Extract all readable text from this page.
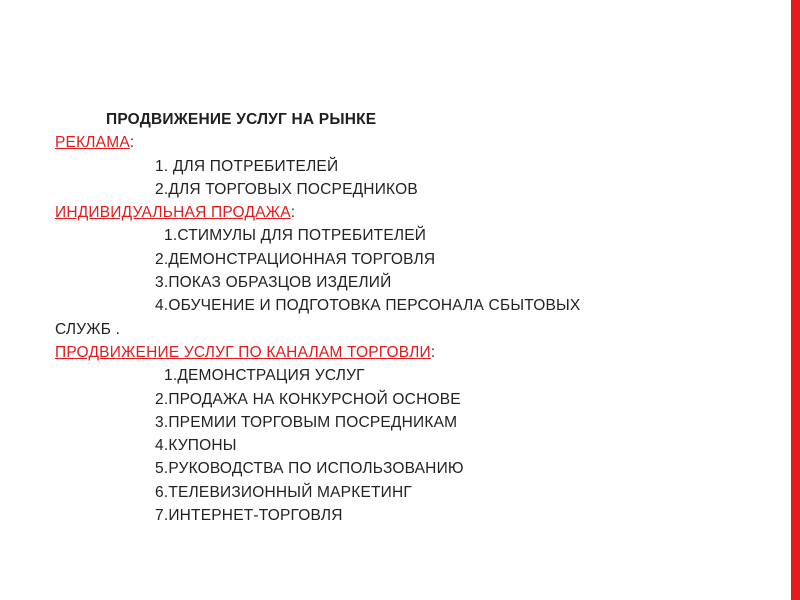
ПРОДВИЖЕНИЕ УСЛУГ НА РЫНКЕ
РЕКЛАМА:
1. ДЛЯ ПОТРЕБИТЕЛЕЙ
2.ДЛЯ ТОРГОВЫХ ПОСРЕДНИКОВ
ИНДИВИДУАЛЬНАЯ ПРОДАЖА:
1.СТИМУЛЫ ДЛЯ ПОТРЕБИТЕЛЕЙ
2.ДЕМОНСТРАЦИОННАЯ ТОРГОВЛЯ
3.ПОКАЗ ОБРАЗЦОВ ИЗДЕЛИЙ
4.ОБУЧЕНИЕ И ПОДГОТОВКА ПЕРСОНАЛА СБЫТОВЫХ
СЛУЖБ .
ПРОДВИЖЕНИЕ УСЛУГ ПО КАНАЛАМ ТОРГОВЛИ:
1.ДЕМОНСТРАЦИЯ УСЛУГ
2.ПРОДАЖА НА КОНКУРСНОЙ ОСНОВЕ
3.ПРЕМИИ ТОРГОВЫМ ПОСРЕДНИКАМ
4.КУПОНЫ
5.РУКОВОДСТВА ПО ИСПОЛЬЗОВАНИЮ
6.ТЕЛЕВИЗИОННЫЙ МАРКЕТИНГ
7.ИНТЕРНЕТ-ТОРГОВЛЯ
